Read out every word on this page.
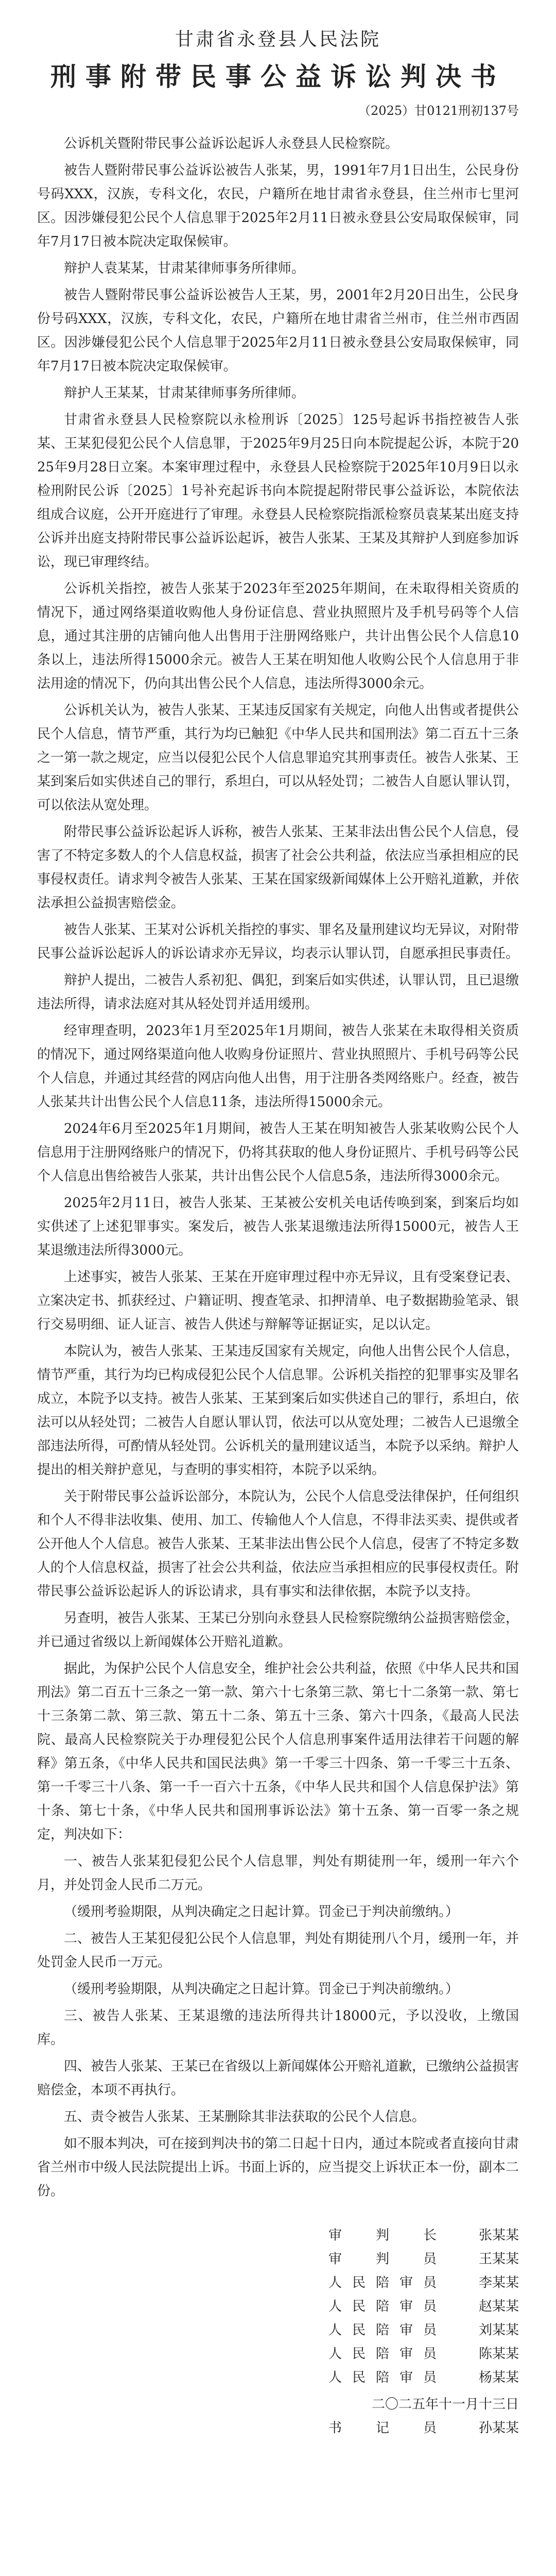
甘肃省永登县人民法院
刑事附带民事公益诉讼判决书
（2025）甘0121刑初137号

公诉机关暨附带民事公益诉讼起诉人永登县人民检察院。

被告人暨附带民事公益诉讼被告人张某，男，1991年7月1日出生，公民身份号码XXX，汉族，专科文化，农民，户籍所在地甘肃省永登县，住兰州市七里河区。因涉嫌侵犯公民个人信息罪于2025年2月11日被永登县公安局取保候审，同年7月17日被本院决定取保候审。

辩护人袁某某，甘肃某律师事务所律师。

被告人暨附带民事公益诉讼被告人王某，男，2001年2月20日出生，公民身份号码XXX，汉族，专科文化，农民，户籍所在地甘肃省兰州市，住兰州市西固区。因涉嫌侵犯公民个人信息罪于2025年2月11日被永登县公安局取保候审，同年7月17日被本院决定取保候审。

辩护人王某某，甘肃某律师事务所律师。

甘肃省永登县人民检察院以永检刑诉〔2025〕125号起诉书指控被告人张某、王某犯侵犯公民个人信息罪，于2025年9月25日向本院提起公诉，本院于2025年9月28日立案。本案审理过程中，永登县人民检察院于2025年10月9日以永检刑附民公诉〔2025〕1号补充起诉书向本院提起附带民事公益诉讼，本院依法组成合议庭，公开开庭进行了审理。永登县人民检察院指派检察员袁某某出庭支持公诉并出庭支持附带民事公益诉讼起诉，被告人张某、王某及其辩护人到庭参加诉讼，现已审理终结。

公诉机关指控，被告人张某于2023年至2025年期间，在未取得相关资质的情况下，通过网络渠道收购他人身份证信息、营业执照照片及手机号码等个人信息，通过其注册的店铺向他人出售用于注册网络账户，共计出售公民个人信息10条以上，违法所得15000余元。被告人王某在明知他人收购公民个人信息用于非法用途的情况下，仍向其出售公民个人信息，违法所得3000余元。

公诉机关认为，被告人张某、王某违反国家有关规定，向他人出售或者提供公民个人信息，情节严重，其行为均已触犯《中华人民共和国刑法》第二百五十三条之一第一款之规定，应当以侵犯公民个人信息罪追究其刑事责任。被告人张某、王某到案后如实供述自己的罪行，系坦白，可以从轻处罚；二被告人自愿认罪认罚，可以依法从宽处理。

附带民事公益诉讼起诉人诉称，被告人张某、王某非法出售公民个人信息，侵害了不特定多数人的个人信息权益，损害了社会公共利益，依法应当承担相应的民事侵权责任。请求判令被告人张某、王某在国家级新闻媒体上公开赔礼道歉，并依法承担公益损害赔偿金。

被告人张某、王某对公诉机关指控的事实、罪名及量刑建议均无异议，对附带民事公益诉讼起诉人的诉讼请求亦无异议，均表示认罪认罚，自愿承担民事责任。

辩护人提出，二被告人系初犯、偶犯，到案后如实供述，认罪认罚，且已退缴违法所得，请求法庭对其从轻处罚并适用缓刑。

经审理查明，2023年1月至2025年1月期间，被告人张某在未取得相关资质的情况下，通过网络渠道向他人收购身份证照片、营业执照照片、手机号码等公民个人信息，并通过其经营的网店向他人出售，用于注册各类网络账户。经查，被告人张某共计出售公民个人信息11条，违法所得15000余元。

2024年6月至2025年1月期间，被告人王某在明知被告人张某收购公民个人信息用于注册网络账户的情况下，仍将其获取的他人身份证照片、手机号码等公民个人信息出售给被告人张某，共计出售公民个人信息5条，违法所得3000余元。

2025年2月11日，被告人张某、王某被公安机关电话传唤到案，到案后均如实供述了上述犯罪事实。案发后，被告人张某退缴违法所得15000元，被告人王某退缴违法所得3000元。

上述事实，被告人张某、王某在开庭审理过程中亦无异议，且有受案登记表、立案决定书、抓获经过、户籍证明、搜查笔录、扣押清单、电子数据勘验笔录、银行交易明细、证人证言、被告人供述与辩解等证据证实，足以认定。

本院认为，被告人张某、王某违反国家有关规定，向他人出售公民个人信息，情节严重，其行为均已构成侵犯公民个人信息罪。公诉机关指控的犯罪事实及罪名成立，本院予以支持。被告人张某、王某到案后如实供述自己的罪行，系坦白，依法可以从轻处罚；二被告人自愿认罪认罚，依法可以从宽处理；二被告人已退缴全部违法所得，可酌情从轻处罚。公诉机关的量刑建议适当，本院予以采纳。辩护人提出的相关辩护意见，与查明的事实相符，本院予以采纳。

关于附带民事公益诉讼部分，本院认为，公民个人信息受法律保护，任何组织和个人不得非法收集、使用、加工、传输他人个人信息，不得非法买卖、提供或者公开他人个人信息。被告人张某、王某非法出售公民个人信息，侵害了不特定多数人的个人信息权益，损害了社会公共利益，依法应当承担相应的民事侵权责任。附带民事公益诉讼起诉人的诉讼请求，具有事实和法律依据，本院予以支持。

另查明，被告人张某、王某已分别向永登县人民检察院缴纳公益损害赔偿金，并已通过省级以上新闻媒体公开赔礼道歉。

据此，为保护公民个人信息安全，维护社会公共利益，依照《中华人民共和国刑法》第二百五十三条之一第一款、第六十七条第三款、第七十二条第一款、第七十三条第二款、第三款、第五十二条、第五十三条、第六十四条，《最高人民法院、最高人民检察院关于办理侵犯公民个人信息刑事案件适用法律若干问题的解释》第五条，《中华人民共和国民法典》第一千零三十四条、第一千零三十五条、第一千零三十八条、第一千一百六十五条，《中华人民共和国个人信息保护法》第十条、第七十条，《中华人民共和国刑事诉讼法》第十五条、第一百零一条之规定，判决如下：

一、被告人张某犯侵犯公民个人信息罪，判处有期徒刑一年，缓刑一年六个月，并处罚金人民币二万元。

（缓刑考验期限，从判决确定之日起计算。罚金已于判决前缴纳。）

二、被告人王某犯侵犯公民个人信息罪，判处有期徒刑八个月，缓刑一年，并处罚金人民币一万元。

（缓刑考验期限，从判决确定之日起计算。罚金已于判决前缴纳。）

三、被告人张某、王某退缴的违法所得共计18000元，予以没收，上缴国库。

四、被告人张某、王某已在省级以上新闻媒体公开赔礼道歉，已缴纳公益损害赔偿金，本项不再执行。

五、责令被告人张某、王某删除其非法获取的公民个人信息。

如不服本判决，可在接到判决书的第二日起十日内，通过本院或者直接向甘肃省兰州市中级人民法院提出上诉。书面上诉的，应当提交上诉状正本一份，副本二份。

审判长	张某某
审判员	王某某
人民陪审员	李某某
人民陪审员	赵某某
人民陪审员	刘某某
人民陪审员	陈某某
人民陪审员	杨某某
二〇二五年十一月十三日
书记员	孙某某
